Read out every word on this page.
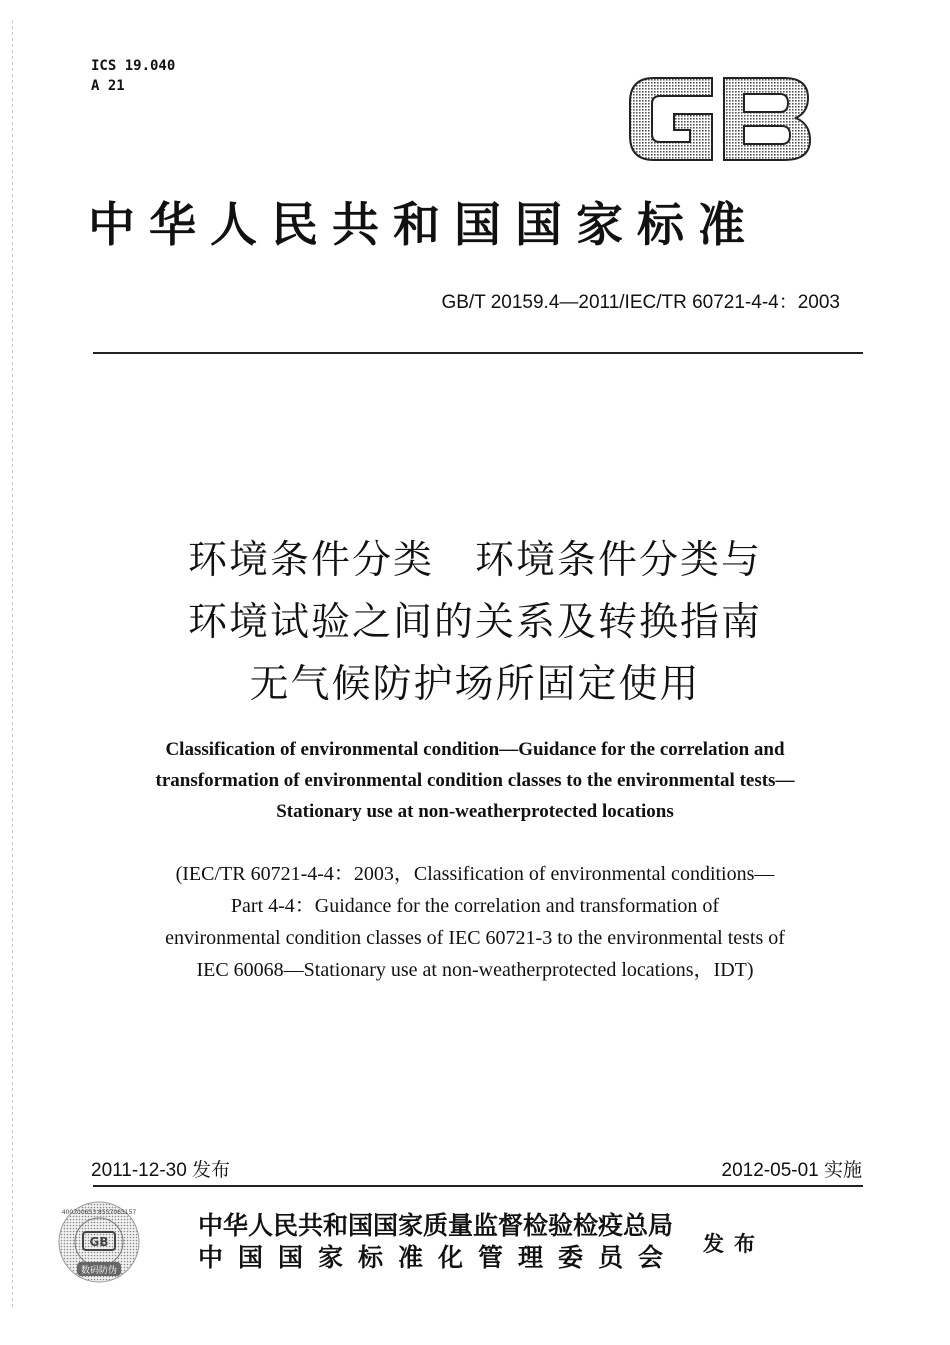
ICS 19.040
A 21
GB
中华人民共和国国家标准
GB/T 20159.4—2011/IEC/TR 60721-4-4：2003
环境条件分类　环境条件分类与
环境试验之间的关系及转换指南
无气候防护场所固定使用
Classification of environmental condition—Guidance for the correlation and
transformation of environmental condition classes to the environmental tests—
Stationary use at non-weatherprotected locations
(IEC/TR 60721-4-4：2003，Classification of environmental conditions—
Part 4-4：Guidance for the correlation and transformation of
environmental condition classes of IEC 60721-3 to the environmental tests of
IEC 60068—Stationary use at non-weatherprotected locations，IDT)
2011-12-30 发布	2012-05-01 实施
400700653 8557063157
GB
数码防伪
中华人民共和国国家质量监督检验检疫总局
中国国家标准化管理委员会 发布
